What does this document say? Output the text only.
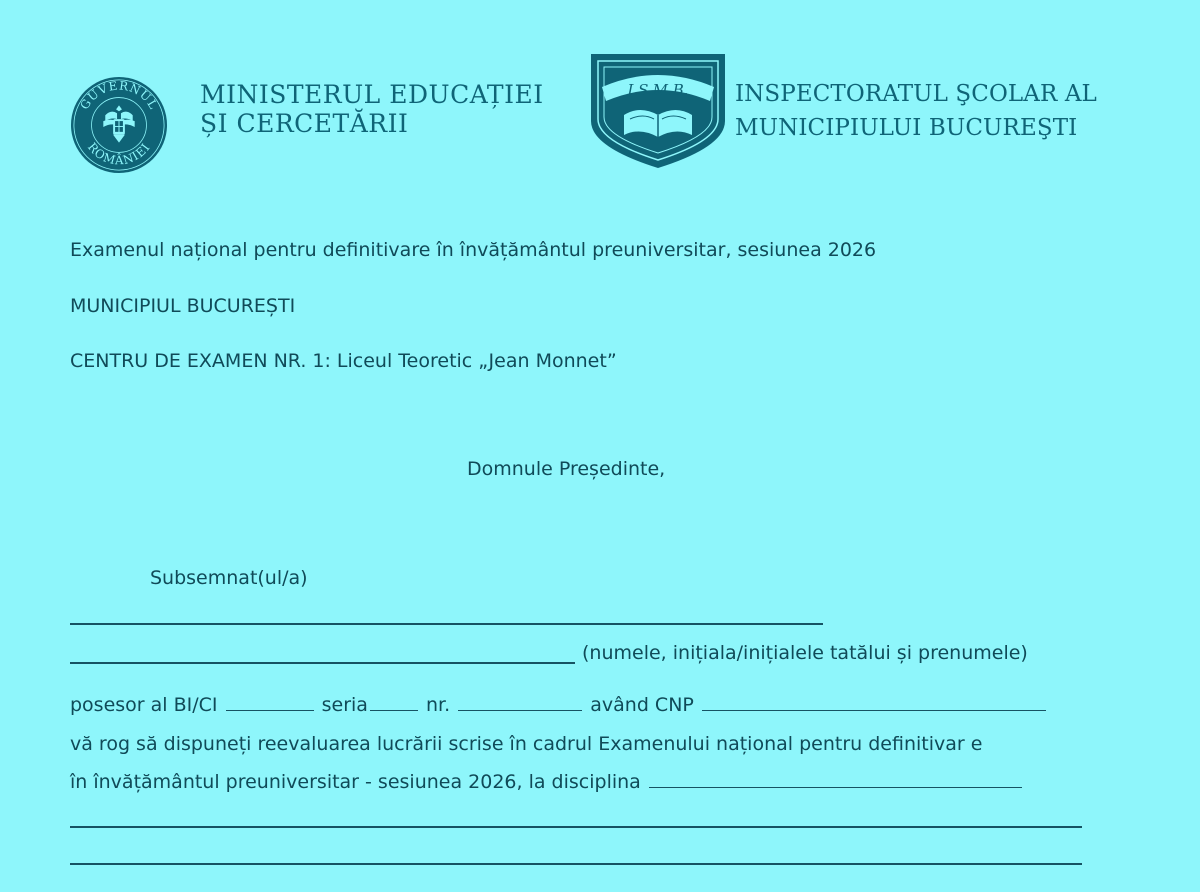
GUVERNUL
ROMÂNIEI
MINISTERUL EDUCAȚIEI
ȘI CERCETĂRII
I.S.M.B. INSPECTORATUL ŞCOLAR AL
MUNICIPIULUI BUCUREŞTI
Examenul național pentru definitivare în învățământul preuniversitar, sesiunea 2026
MUNICIPIUL BUCUREȘTI
CENTRU DE EXAMEN NR. 1: Liceul Teoretic „Jean Monnet”
Domnule Președinte,
Subsemnat(ul/a)
(numele, inițiala/inițialele tatălui și prenumele)
posesor al BI/CI	seria	nr.	având CNP
vă rog să dispuneți reevaluarea lucrării scrise în cadrul Examenului național pentru definitivar e
în învățământul preuniversitar - sesiunea 2026, la disciplina
